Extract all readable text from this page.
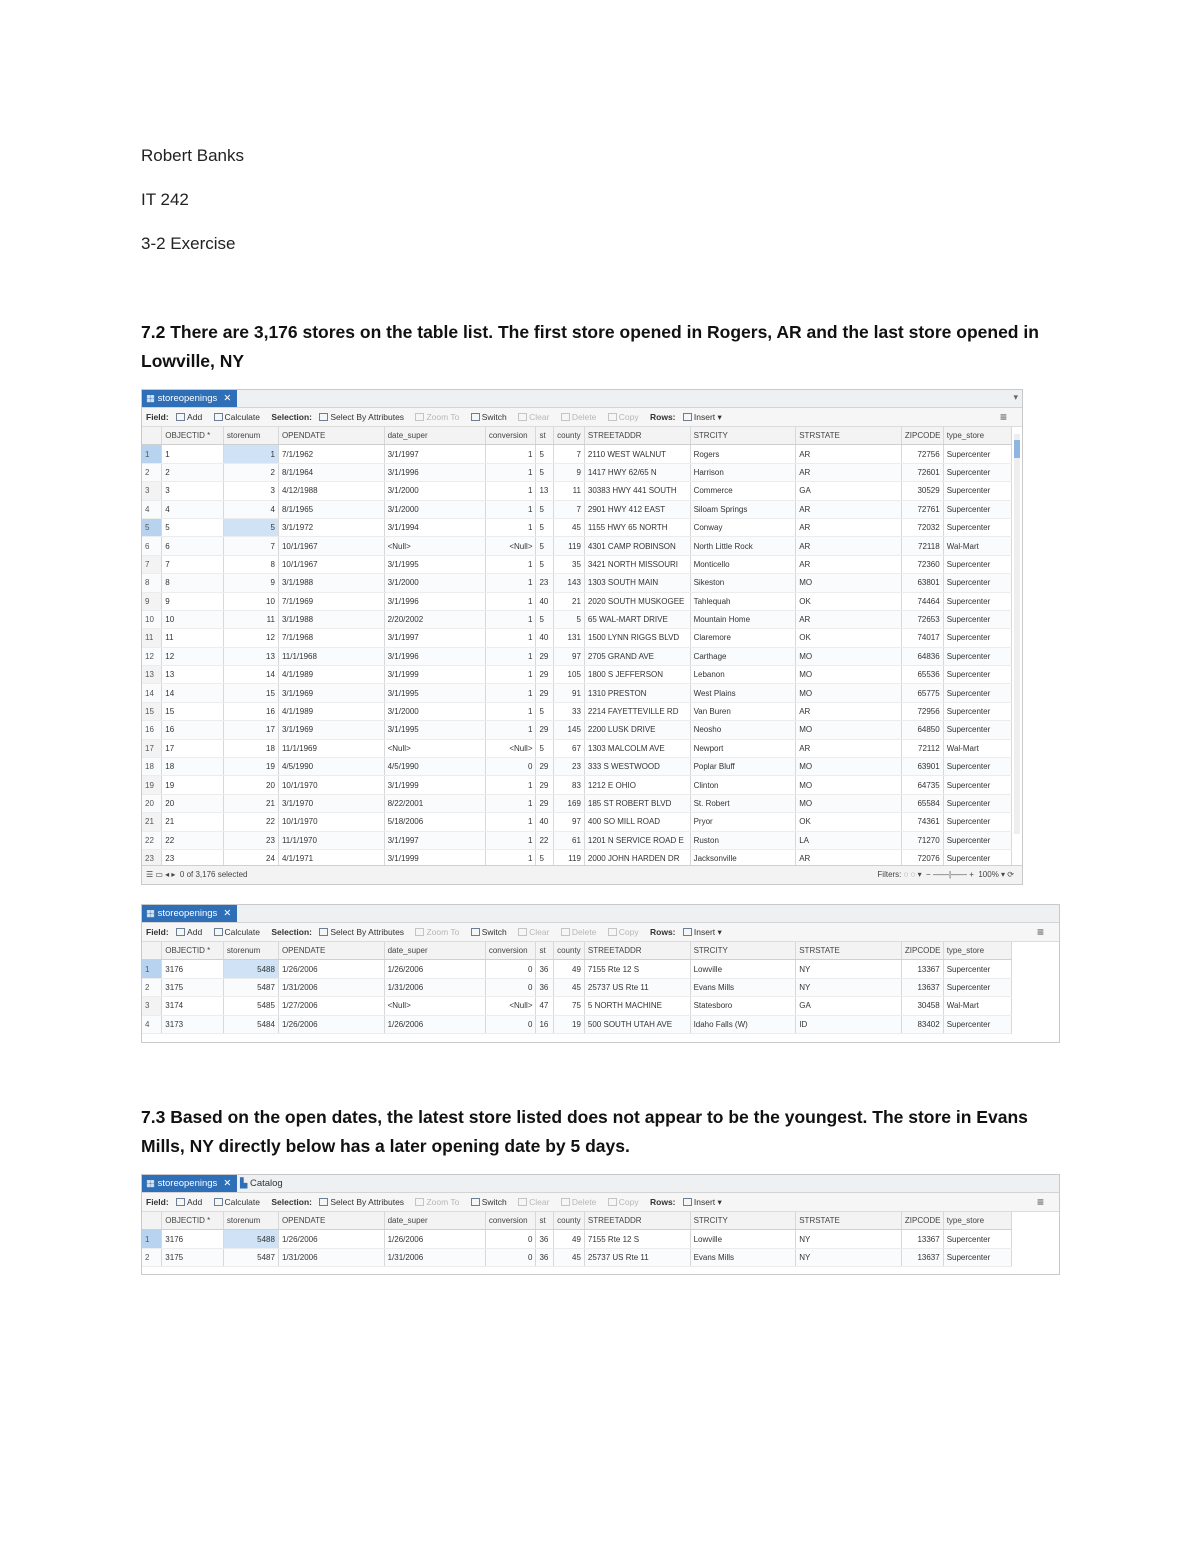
Robert Banks
IT 242
3-2 Exercise
7.2 There are 3,176 stores on the table list. The first store opened in Rogers, AR and the last store opened in Lowville, NY
▦ storeopenings ✕	▾
Field: Add	Calculate Selection: Select By Attributes	Zoom To	Switch	Clear	Delete	Copy Rows: Insert ▾	≡
	OBJECTID *	storenum	OPENDATE	date_super	conversion	st	county	STREETADDR	STRCITY	STRSTATE	ZIPCODE	type_store
1	1	1	7/1/1962	3/1/1997	1	5	7	2110 WEST WALNUT	Rogers	AR	72756	Supercenter
2	2	2	8/1/1964	3/1/1996	1	5	9	1417 HWY 62/65 N	Harrison	AR	72601	Supercenter
3	3	3	4/12/1988	3/1/2000	1	13	11	30383 HWY 441 SOUTH	Commerce	GA	30529	Supercenter
4	4	4	8/1/1965	3/1/2000	1	5	7	2901 HWY 412 EAST	Siloam Springs	AR	72761	Supercenter
5	5	5	3/1/1972	3/1/1994	1	5	45	1155 HWY 65 NORTH	Conway	AR	72032	Supercenter
6	6	7	10/1/1967	<Null>	<Null>	5	119	4301 CAMP ROBINSON	North Little Rock	AR	72118	Wal-Mart
7	7	8	10/1/1967	3/1/1995	1	5	35	3421 NORTH MISSOURI	Monticello	AR	72360	Supercenter
8	8	9	3/1/1988	3/1/2000	1	23	143	1303 SOUTH MAIN	Sikeston	MO	63801	Supercenter
9	9	10	7/1/1969	3/1/1996	1	40	21	2020 SOUTH MUSKOGEE	Tahlequah	OK	74464	Supercenter
10	10	11	3/1/1988	2/20/2002	1	5	5	65 WAL-MART DRIVE	Mountain Home	AR	72653	Supercenter
11	11	12	7/1/1968	3/1/1997	1	40	131	1500 LYNN RIGGS BLVD	Claremore	OK	74017	Supercenter
12	12	13	11/1/1968	3/1/1996	1	29	97	2705 GRAND AVE	Carthage	MO	64836	Supercenter
13	13	14	4/1/1989	3/1/1999	1	29	105	1800 S JEFFERSON	Lebanon	MO	65536	Supercenter
14	14	15	3/1/1969	3/1/1995	1	29	91	1310 PRESTON	West Plains	MO	65775	Supercenter
15	15	16	4/1/1989	3/1/2000	1	5	33	2214 FAYETTEVILLE RD	Van Buren	AR	72956	Supercenter
16	16	17	3/1/1969	3/1/1995	1	29	145	2200 LUSK DRIVE	Neosho	MO	64850	Supercenter
17	17	18	11/1/1969	<Null>	<Null>	5	67	1303 MALCOLM AVE	Newport	AR	72112	Wal-Mart
18	18	19	4/5/1990	4/5/1990	0	29	23	333 S WESTWOOD	Poplar Bluff	MO	63901	Supercenter
19	19	20	10/1/1970	3/1/1999	1	29	83	1212 E OHIO	Clinton	MO	64735	Supercenter
20	20	21	3/1/1970	8/22/2001	1	29	169	185 ST ROBERT BLVD	St. Robert	MO	65584	Supercenter
21	21	22	10/1/1970	5/18/2006	1	40	97	400 SO MILL ROAD	Pryor	OK	74361	Supercenter
22	22	23	11/1/1970	3/1/1997	1	22	61	1201 N SERVICE ROAD E	Ruston	LA	71270	Supercenter
23	23	24	4/1/1971	3/1/1999	1	5	119	2000 JOHN HARDEN DR	Jacksonville	AR	72076	Supercenter
☰ ▭ ◂ ▸ 0 of 3,176 selected	Filters: ◌ ◌ ▾  − ——|—— +  100% ▾ ⟳
▦ storeopenings ✕
Field: Add	Calculate Selection: Select By Attributes	Zoom To	Switch	Clear	Delete	Copy Rows: Insert ▾	≡
	OBJECTID *	storenum	OPENDATE	date_super	conversion	st	county	STREETADDR	STRCITY	STRSTATE	ZIPCODE	type_store
1	3176	5488	1/26/2006	1/26/2006	0	36	49	7155 Rte 12 S	Lowville	NY	13367	Supercenter
2	3175	5487	1/31/2006	1/31/2006	0	36	45	25737 US Rte 11	Evans Mills	NY	13637	Supercenter
3	3174	5485	1/27/2006	<Null>	<Null>	47	75	5 NORTH MACHINE	Statesboro	GA	30458	Wal-Mart
4	3173	5484	1/26/2006	1/26/2006	0	16	19	500 SOUTH UTAH AVE	Idaho Falls (W)	ID	83402	Supercenter
7.3 Based on the open dates, the latest store listed does not appear to be the youngest. The store in Evans Mills, NY directly below has a later opening date by 5 days.
▦ storeopenings ✕ ▙ Catalog
Field: Add	Calculate Selection: Select By Attributes	Zoom To	Switch	Clear	Delete	Copy Rows: Insert ▾	≡
	OBJECTID *	storenum	OPENDATE	date_super	conversion	st	county	STREETADDR	STRCITY	STRSTATE	ZIPCODE	type_store
1	3176	5488	1/26/2006	1/26/2006	0	36	49	7155 Rte 12 S	Lowville	NY	13367	Supercenter
2	3175	5487	1/31/2006	1/31/2006	0	36	45	25737 US Rte 11	Evans Mills	NY	13637	Supercenter
